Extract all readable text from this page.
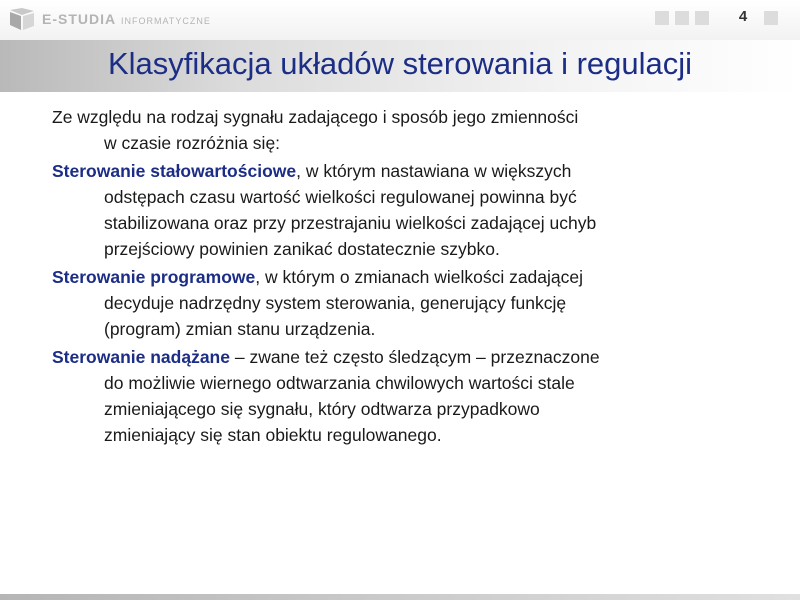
E-STUDIA INFORMATYCZNE	4
Klasyfikacja układów sterowania i regulacji

Ze względu na rodzaj sygnału zadającego i sposób jego zmienności
w czasie rozróżnia się:

Sterowanie stałowartościowe, w którym nastawiana w większych
odstępach czasu wartość wielkości regulowanej powinna być
stabilizowana oraz przy przestrajaniu wielkości zadającej uchyb
przejściowy powinien zanikać dostatecznie szybko.

Sterowanie programowe, w którym o zmianach wielkości zadającej
decyduje nadrzędny system sterowania, generujący funkcję
(program) zmian stanu urządzenia.

Sterowanie nadążane – zwane też często śledzącym – przeznaczone
do możliwie wiernego odtwarzania chwilowych wartości stale
zmieniającego się sygnału, który odtwarza przypadkowo
zmieniający się stan obiektu regulowanego.
